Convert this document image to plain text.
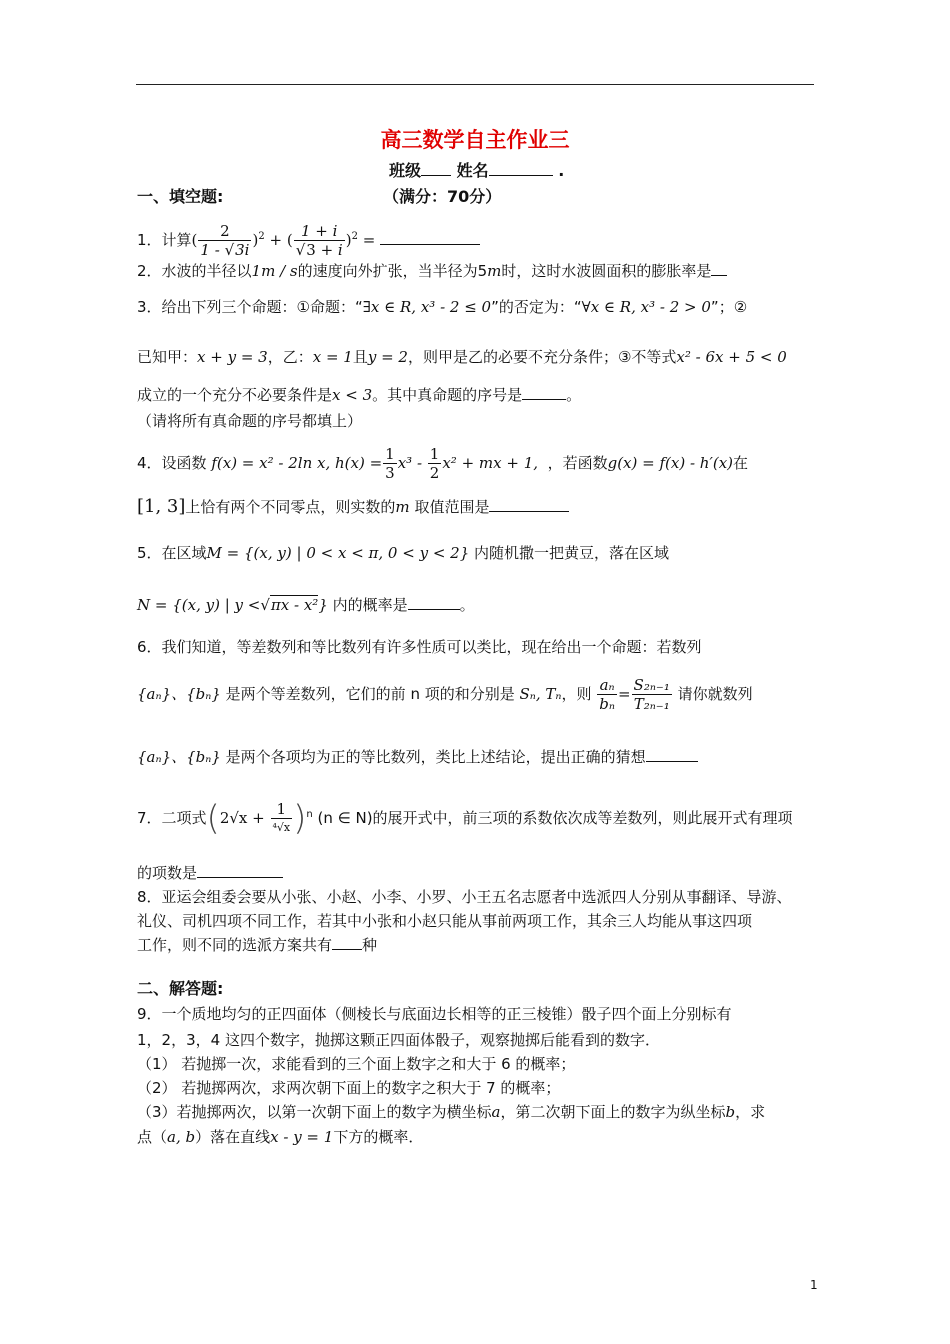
高三数学自主作业三
班级 姓名	.
一、填空题:	（满分：70分）
1．计算( $\frac{2}{1 - √3i} )^2$ + ( $\frac{1 + i}{√3 + i} )^2$ =
2．水波的半径以1m / s的速度向外扩张，当半径为5m时，这时水波圆面积的膨胀率是
3．给出下列三个命题：①命题：“∃x ∈ R, x³ - 2 ≤ 0”的否定为：“∀x ∈ R, x³ - 2 > 0”；②
已知甲：x + y = 3，乙：x = 1且y = 2，则甲是乙的必要不充分条件；③不等式x² - 6x + 5 < 0
成立的一个充分不必要条件是x < 3。其中真命题的序号是	。
（请将所有真命题的序号都填上）
4．设函数 f(x) = x² - 2ln x, $h(x) = \frac{1}{3} x^3 - \frac{1}{2} x^2$ + mx + 1, ，若函数g(x) = f(x) - h′(x)在
[1, 3]上恰有两个不同零点，则实数的m 取值范围是
5．在区域M = {(x, y) | 0 < x < π, 0 < y < 2} 内随机撒一把黄豆，落在区域
N = {(x, y) | y <√πx - x²} 内的概率是	。
6．我们知道，等差数列和等比数列有许多性质可以类比，现在给出一个命题：若数列
{aₙ}、{bₙ} 是两个等差数列，它们的前 n 项的和分别是 Sₙ, Tₙ，则 $\frac{\text{aₙ}}{\text{bₙ}} = \frac{\text{S₂ₙ₋₁}}{\text{T₂ₙ₋₁}}$ 请你就数列
{aₙ}、{bₙ} 是两个各项均为正的等比数列，类比上述结论，提出正确的猜想
7．二项式$(2√x + \frac{1}{\text{⁴√x}} )^n$ (n ∈ N)的展开式中，前三项的系数依次成等差数列，则此展开式有理项
的项数是
8．亚运会组委会要从小张、小赵、小李、小罗、小王五名志愿者中选派四人分别从事翻译、导游、
礼仪、司机四项不同工作，若其中小张和小赵只能从事前两项工作，其余三人均能从事这四项
工作，则不同的选派方案共有 种
二、解答题:
9．一个质地均匀的正四面体（侧棱长与底面边长相等的正三棱锥）骰子四个面上分别标有
1，2，3，4 这四个数字，抛掷这颗正四面体骰子，观察抛掷后能看到的数字．
（1） 若抛掷一次，求能看到的三个面上数字之和大于 6 的概率；
（2） 若抛掷两次，求两次朝下面上的数字之积大于 7 的概率；
（3）若抛掷两次，以第一次朝下面上的数字为横坐标a，第二次朝下面上的数字为纵坐标b，求
点（a, b）落在直线x - y = 1下方的概率．
1
